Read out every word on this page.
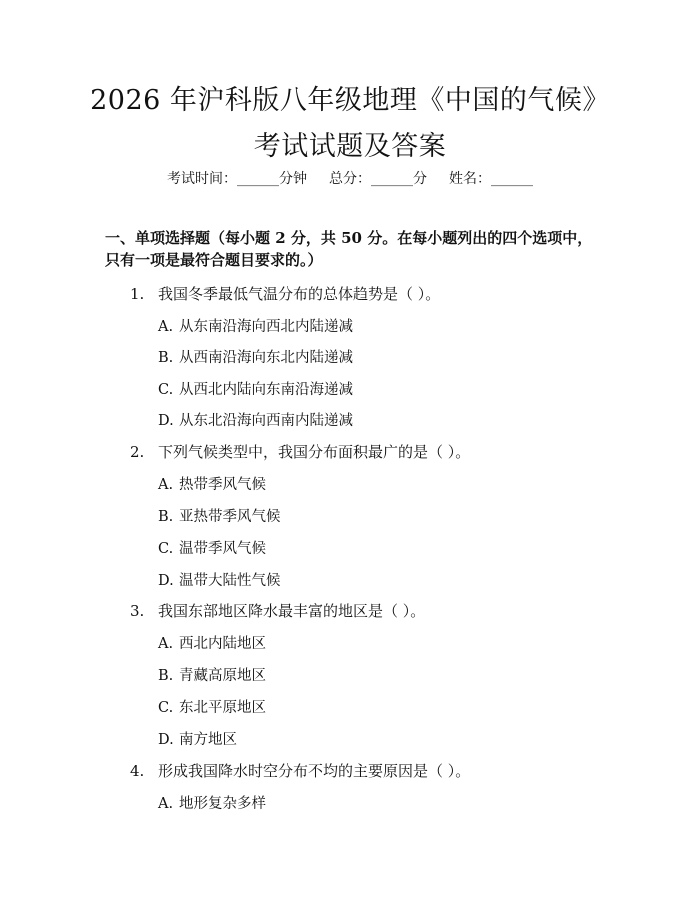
2026 年沪科版八年级地理《中国的气候》考试试题及答案
考试时间：______分钟 总分：______分 姓名：______

一、单项选择题（每小题 2 分，共 50 分。在每小题列出的四个选项中，只有一项是最符合题目要求的。）

1. 我国冬季最低气温分布的总体趋势是（ ）。
A. 从东南沿海向西北内陆递减
B. 从西南沿海向东北内陆递减
C. 从西北内陆向东南沿海递减
D. 从东北沿海向西南内陆递减
2. 下列气候类型中，我国分布面积最广的是（ ）。
A. 热带季风气候
B. 亚热带季风气候
C. 温带季风气候
D. 温带大陆性气候
3. 我国东部地区降水最丰富的地区是（ ）。
A. 西北内陆地区
B. 青藏高原地区
C. 东北平原地区
D. 南方地区
4. 形成我国降水时空分布不均的主要原因是（ ）。
A. 地形复杂多样
